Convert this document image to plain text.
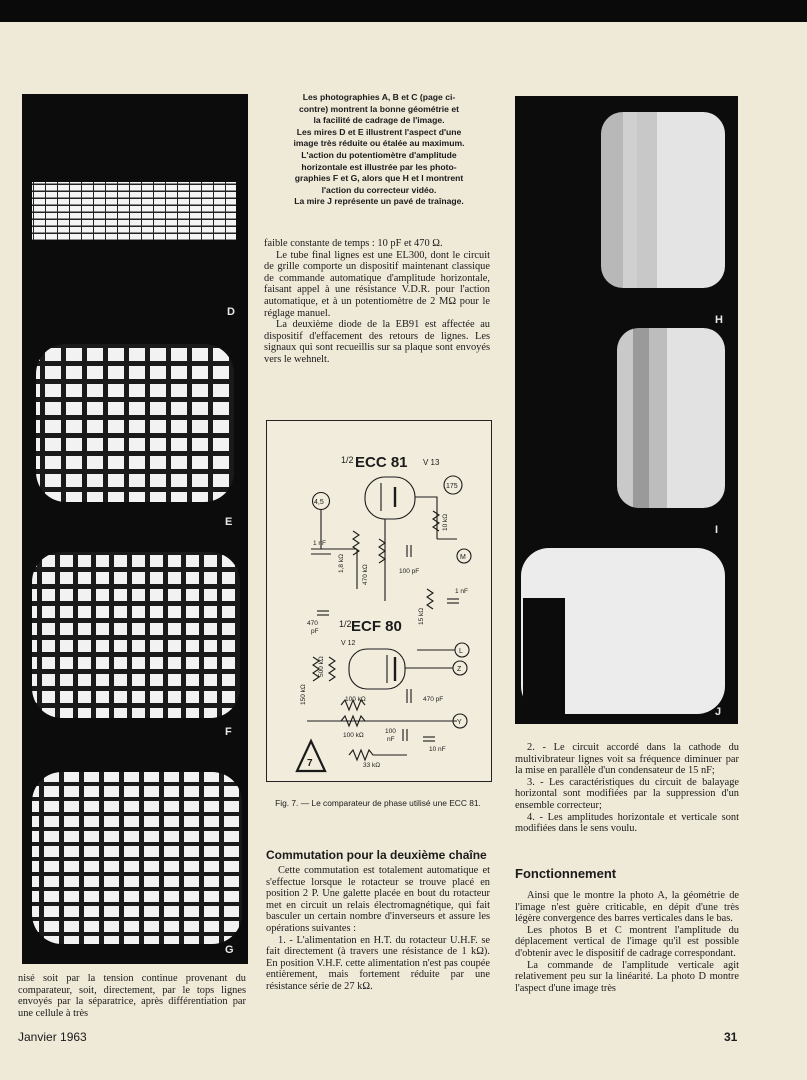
D
E
F
G
H
I
J
Les photographies A, B et C (page ci-
contre) montrent la bonne géométrie et
la facilité de cadrage de l'image.
Les mires D et E illustrent l'aspect d'une
image très réduite ou étalée au maximum.
L'action du potentiomètre d'amplitude
horizontale est illustrée par les photo-
graphies F et G, alors que H et I montrent
l'action du correcteur vidéo.
La mire J représente un pavé de traînage.

faible constante de temps : 10 pF et 470 Ω.

Le tube final lignes est une EL300, dont le circuit de grille comporte un dispositif maintenant classique de commande automatique d'amplitude horizontale, faisant appel à une résistance V.D.R. pour l'action automatique, et à un potentiomètre de 2 MΩ pour le réglage manuel.

La deuxième diode de la EB91 est affectée au dispositif d'effacement des retours de lignes. Les signaux qui sont recueillis sur sa plaque sont envoyés vers le wehnelt.

1/2 ECC 81 V 13
4,5
175
1 nF
1,8 kΩ
470 kΩ	100 pF
10 kΩ
M
470
pF
1/2 ECF 80
V 12
15 kΩ
1 nF
L
Z
150 kΩ
500 kΩ
100 kΩ	470 pF
100 kΩ
100
nF
Y
10 nF
33 kΩ
7
Fig. 7. — Le comparateur de phase utilisé une ECC 81.
Commutation pour la deuxième chaîne

Cette commutation est totalement automatique et s'effectue lorsque le rotacteur se trouve placé en position 2 P. Une galette placée en bout du rotacteur met en circuit un relais électromagnétique, qui fait basculer un certain nombre d'inverseurs et assure les opérations suivantes :

1. - L'alimentation en H.T. du rotacteur U.H.F. se fait directement (à travers une résistance de 1 kΩ). En position V.H.F. cette alimentation n'est pas coupée entièrement, mais fortement réduite par une résistance série de 27 kΩ.

nisé soit par la tension continue provenant du comparateur, soit, directement, par le tops lignes envoyés par la séparatrice, après différentiation par une cellule à très

2. - Le circuit accordé dans la cathode du multivibrateur lignes voit sa fréquence diminuer par la mise en parallèle d'un condensateur de 15 nF;

3. - Les caractéristiques du circuit de balayage horizontal sont modifiées par la suppression d'un ensemble correcteur;

4. - Les amplitudes horizontale et verticale sont modifiées dans le sens voulu.

Fonctionnement

Ainsi que le montre la photo A, la géométrie de l'image n'est guère criticable, en dépit d'une très légère convergence des barres verticales dans le bas.

Les photos B et C montrent l'amplitude du déplacement vertical de l'image qu'il est possible d'obtenir avec le dispositif de cadrage correspondant.

La commande de l'amplitude verticale agit relativement peu sur la linéarité. La photo D montre l'aspect d'une image très

Janvier 1963	31
